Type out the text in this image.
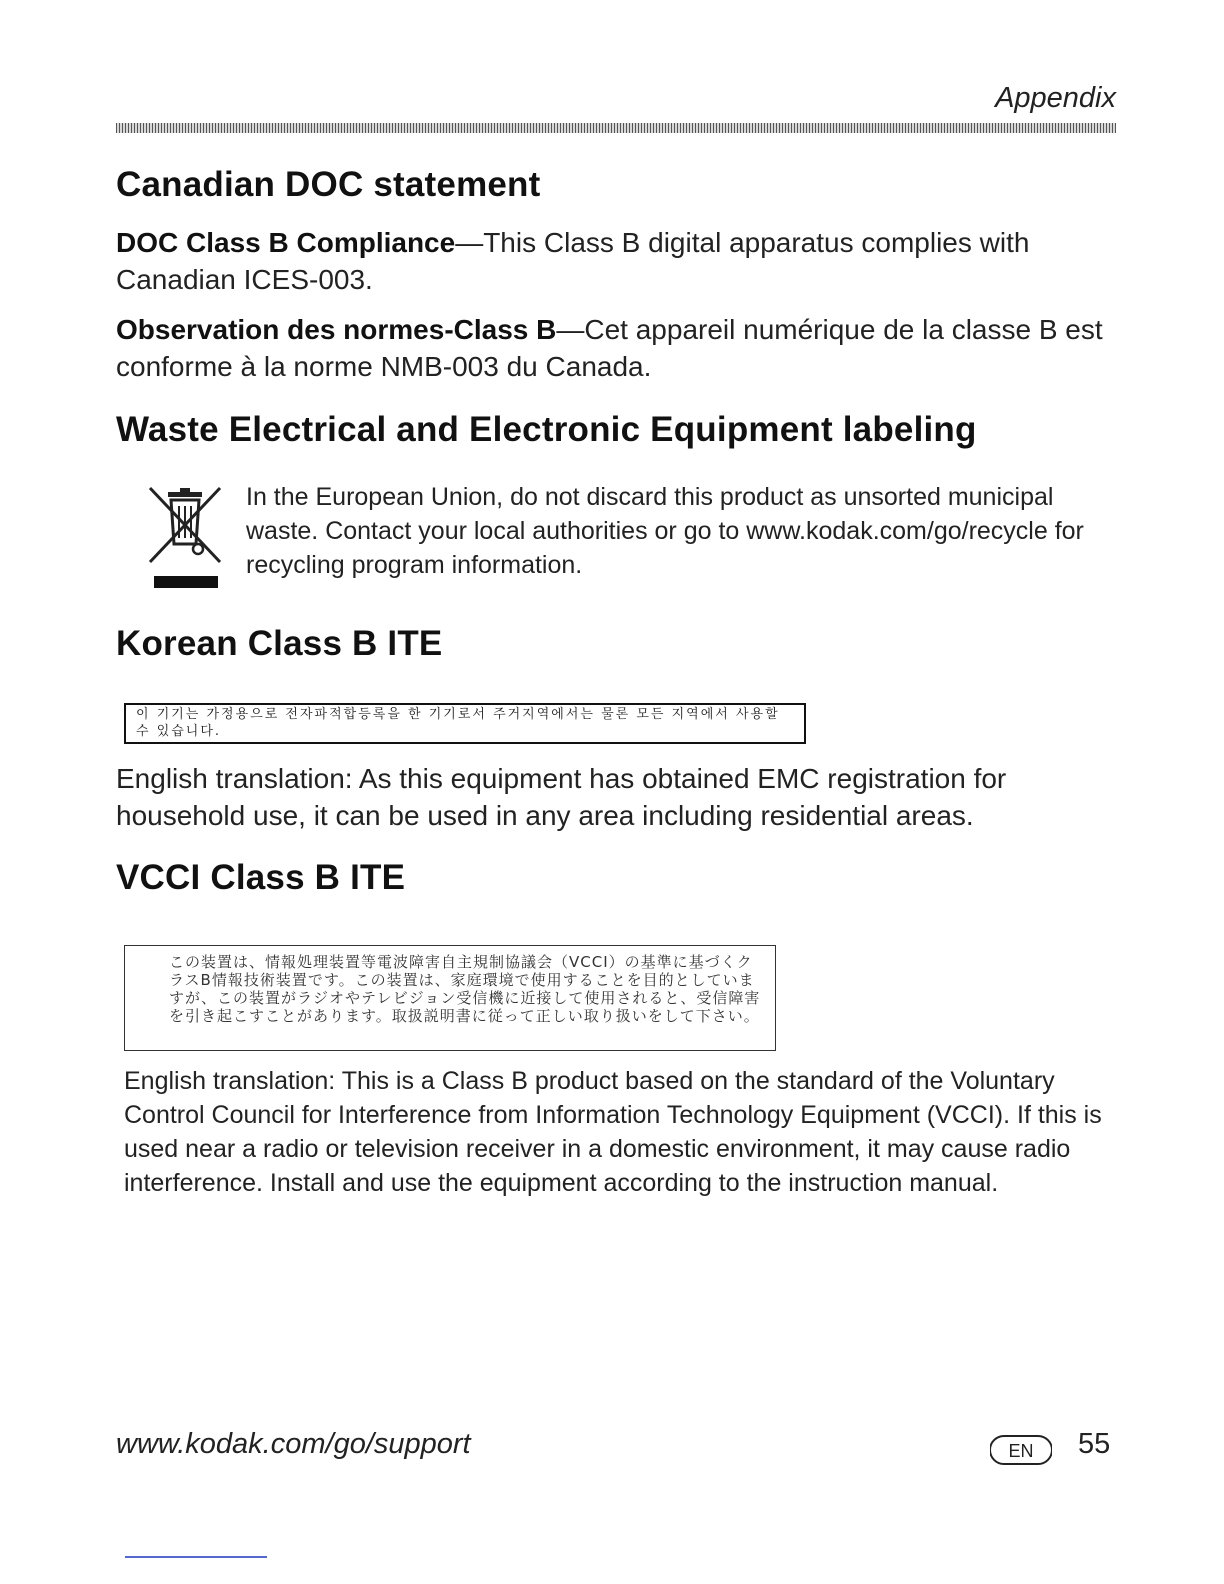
Appendix
Canadian DOC statement

DOC Class B Compliance—This Class B digital apparatus complies with Canadian ICES-003.

Observation des normes-Class B—Cet appareil numérique de la classe B est conforme à la norme NMB-003 du Canada.

Waste Electrical and Electronic Equipment labeling

In the European Union, do not discard this product as unsorted municipal waste. Contact your local authorities or go to www.kodak.com/go/recycle for recycling program information.

Korean Class B ITE
이 기기는 가정용으로 전자파적합등록을 한 기기로서 주거지역에서는 물론 모든 지역에서 사용할 수 있습니다.

English translation: As this equipment has obtained EMC registration for household use, it can be used in any area including residential areas.

VCCI Class B ITE
この装置は、情報処理装置等電波障害自主規制協議会（VCCI）の基準に基づくクラスB情報技術装置です。この装置は、家庭環境で使用することを目的としていますが、この装置がラジオやテレビジョン受信機に近接して使用されると、受信障害を引き起こすことがあります。取扱説明書に従って正しい取り扱いをして下さい。

English translation: This is a Class B product based on the standard of the Voluntary Control Council for Interference from Information Technology Equipment (VCCI). If this is used near a radio or television receiver in a domestic environment, it may cause radio interference. Install and use the equipment according to the instruction manual.

www.kodak.com/go/support	EN 55
